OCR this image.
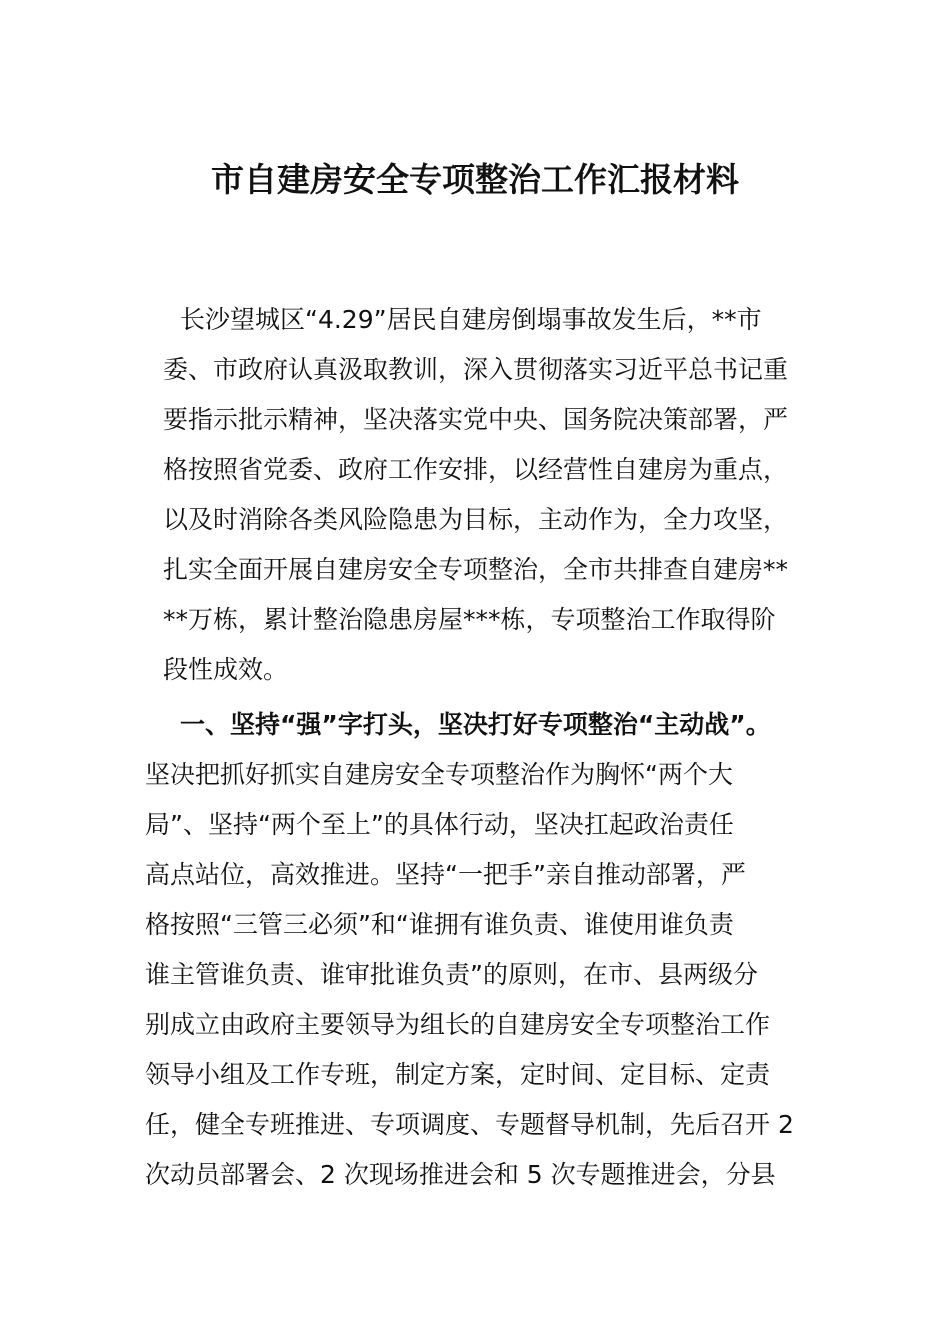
市自建房安全专项整治工作汇报材料

长沙望城区“4.29”居民自建房倒塌事故发生后，**市

委、市政府认真汲取教训，深入贯彻落实习近平总书记重

要指示批示精神，坚决落实党中央、国务院决策部署，严

格按照省党委、政府工作安排，以经营性自建房为重点，

以及时消除各类风险隐患为目标，主动作为，全力攻坚，

扎实全面开展自建房安全专项整治，全市共排查自建房**

**万栋，累计整治隐患房屋***栋，专项整治工作取得阶

段性成效。

一、坚持“强”字打头，坚决打好专项整治“主动战”。

坚决把抓好抓实自建房安全专项整治作为胸怀“两个大

局”、坚持“两个至上”的具体行动，坚决扛起政治责任

高点站位，高效推进。坚持“一把手”亲自推动部署，严

格按照“三管三必须”和“谁拥有谁负责、谁使用谁负责

谁主管谁负责、谁审批谁负责”的原则，在市、县两级分

别成立由政府主要领导为组长的自建房安全专项整治工作

领导小组及工作专班，制定方案，定时间、定目标、定责

任，健全专班推进、专项调度、专题督导机制，先后召开 2

次动员部署会、2 次现场推进会和 5 次专题推进会，分县
